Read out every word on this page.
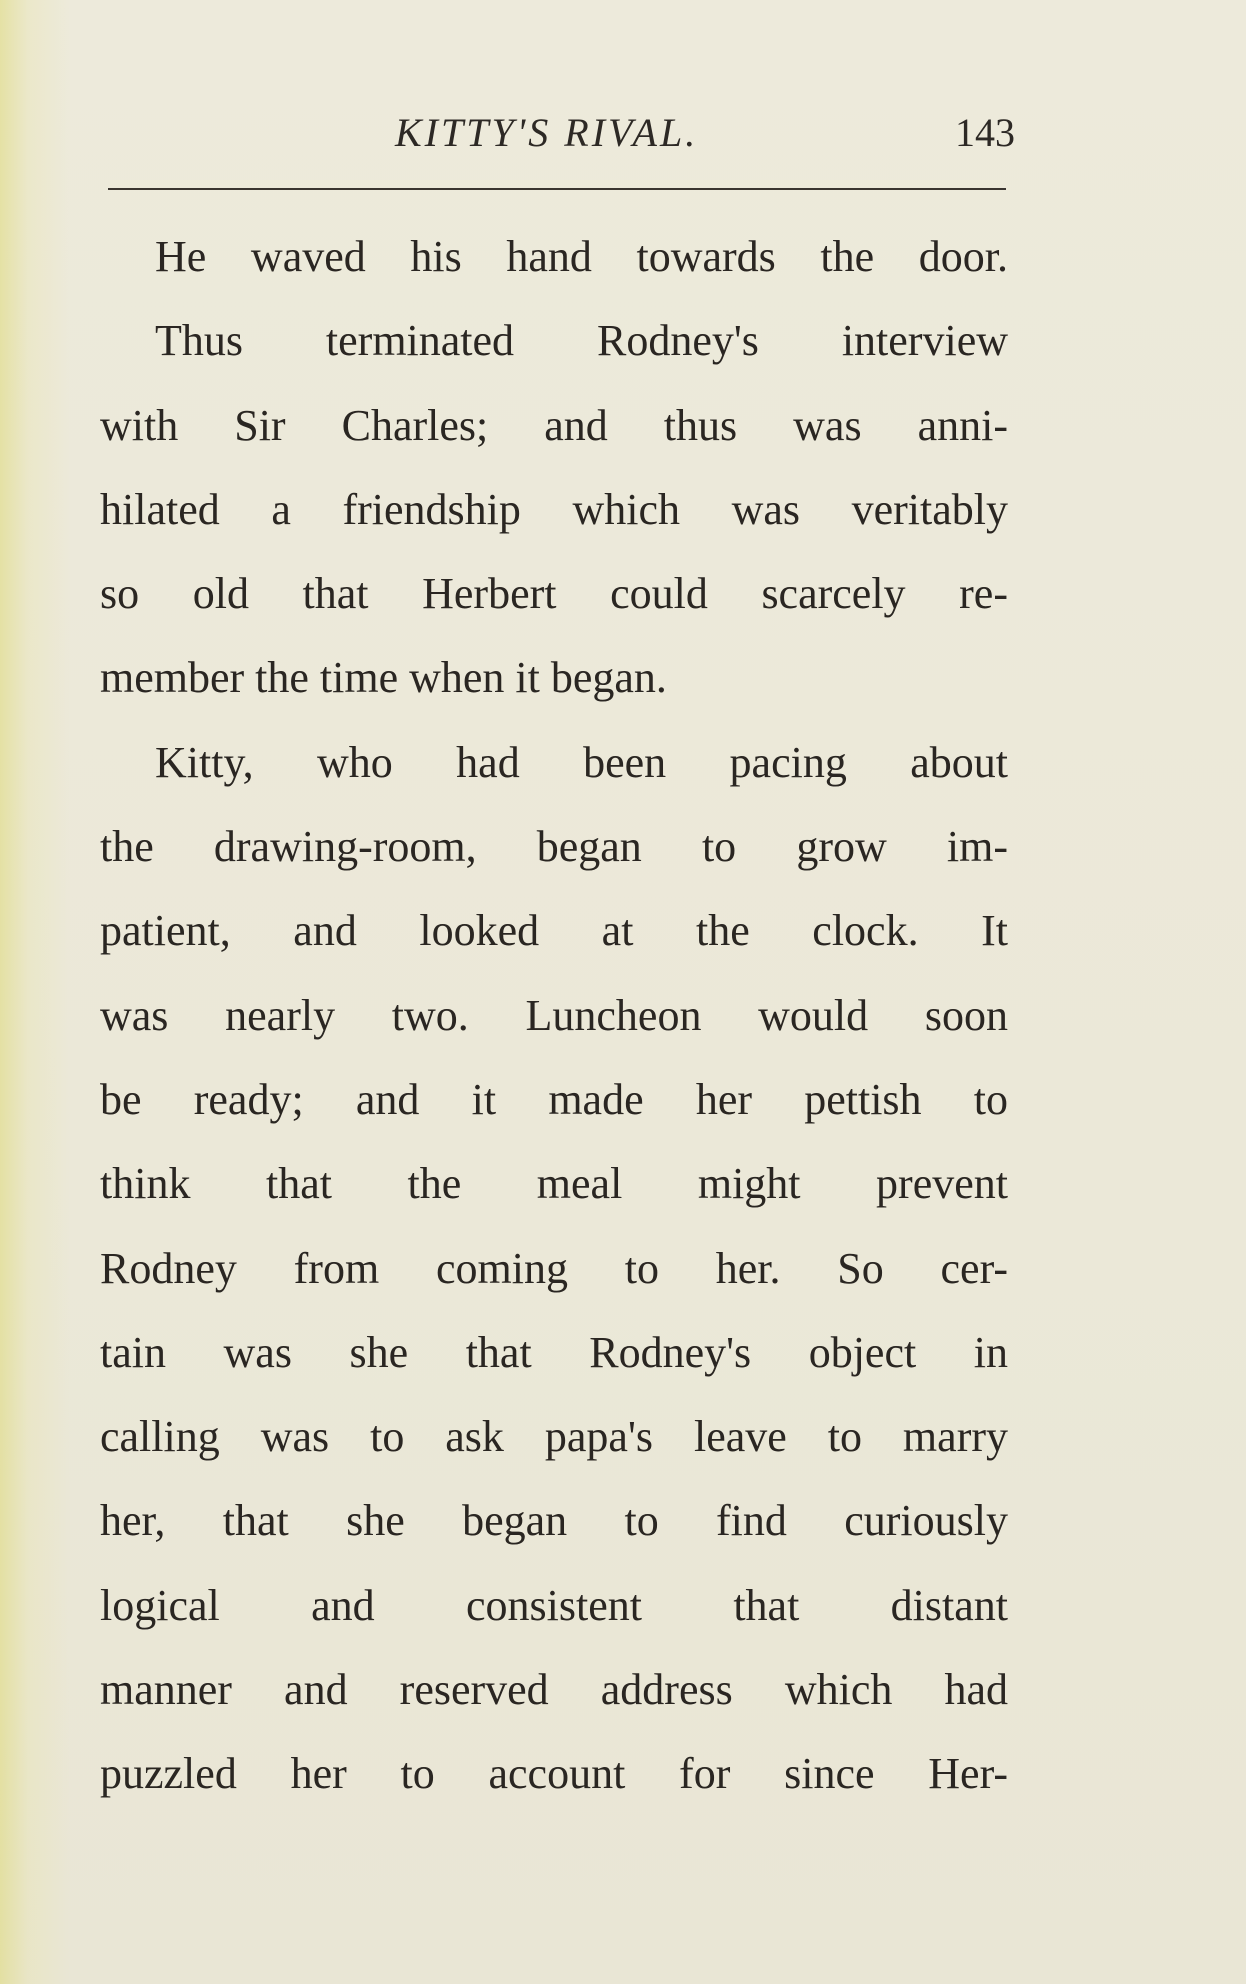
KITTY'S RIVAL.	143
He waved his hand towards the door.
Thus terminated Rodney's interview
with Sir Charles; and thus was anni-
hilated a friendship which was veritably
so old that Herbert could scarcely re-
member the time when it began.
Kitty, who had been pacing about
the drawing-room, began to grow im-
patient, and looked at the clock. It
was nearly two. Luncheon would soon
be ready; and it made her pettish to
think that the meal might prevent
Rodney from coming to her. So cer-
tain was she that Rodney's object in
calling was to ask papa's leave to marry
her, that she began to find curiously
logical and consistent that distant
manner and reserved address which had
puzzled her to account for since Her-
